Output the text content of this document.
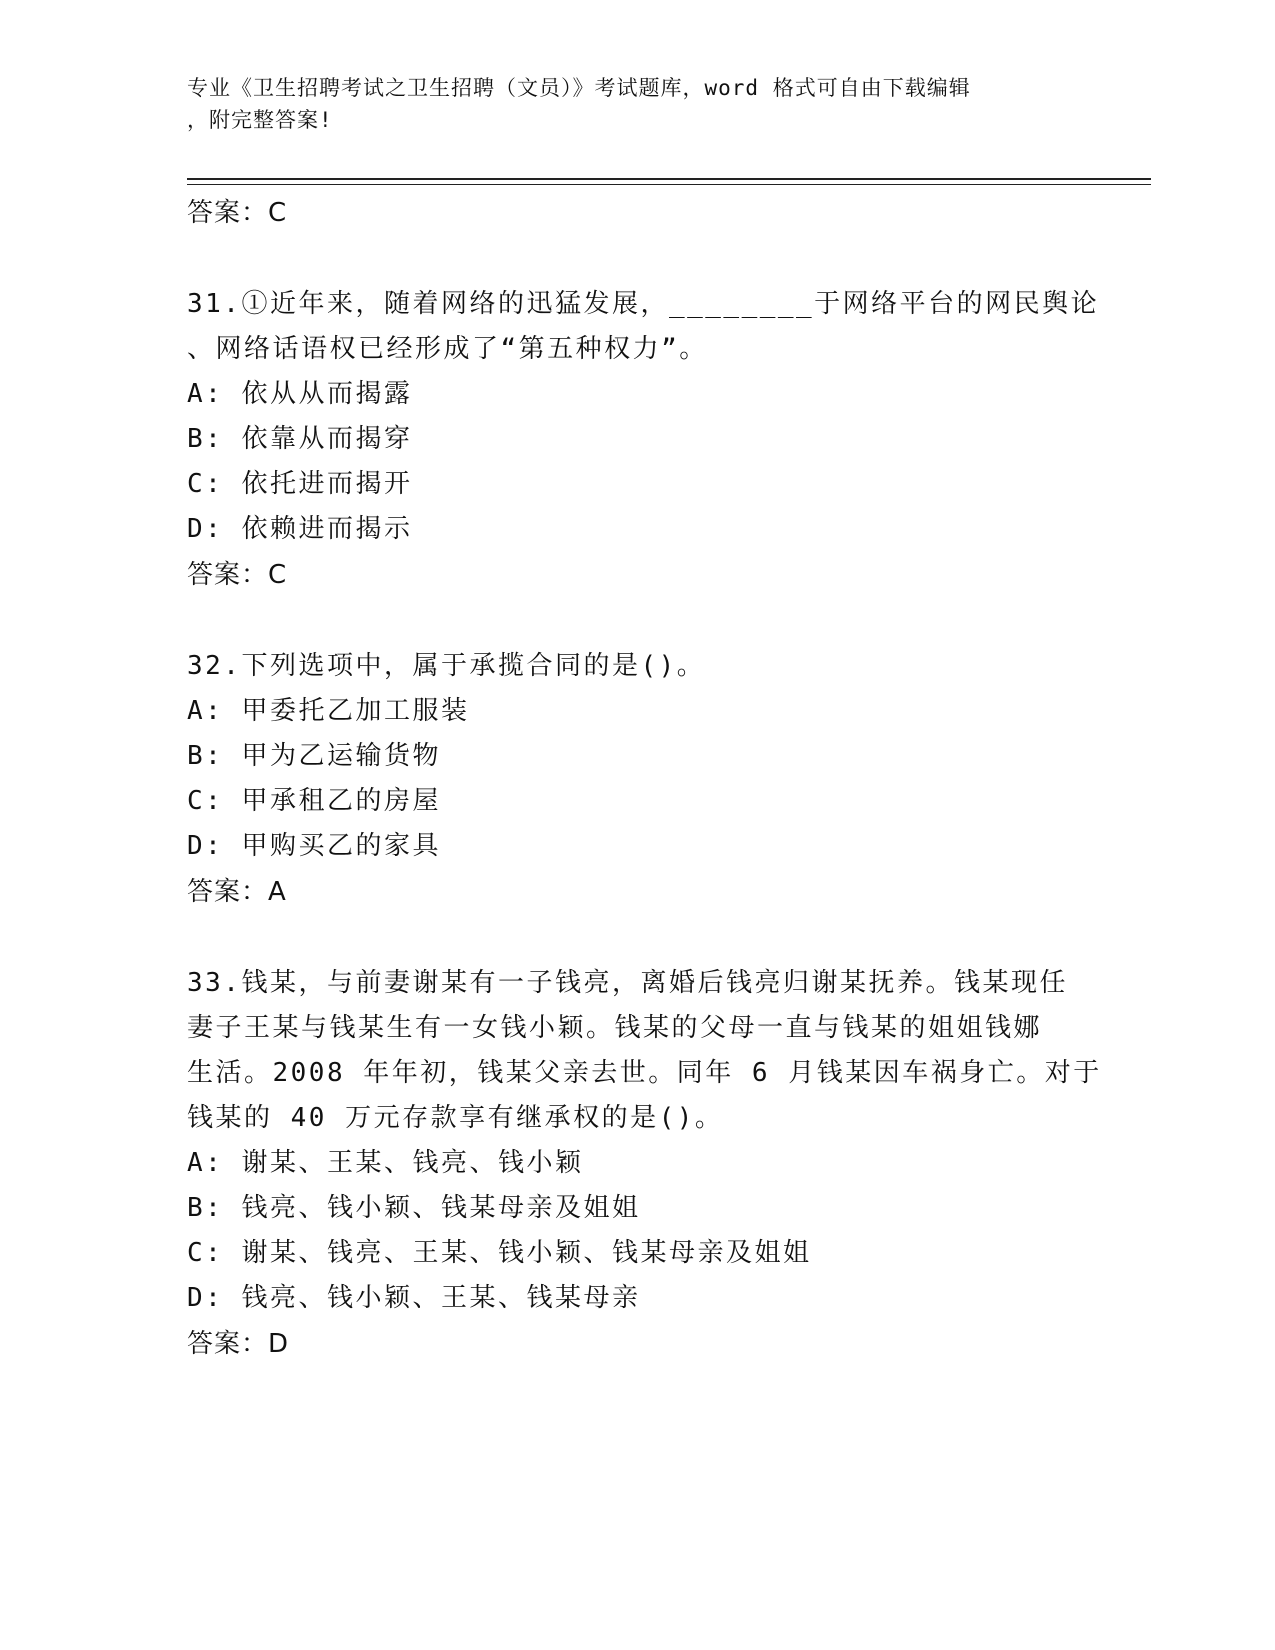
专业《卫生招聘考试之卫生招聘（文员）》考试题库，word 格式可自由下载编辑
，附完整答案!
答案：C
31.①近年来，随着网络的迅猛发展，________于网络平台的网民舆论
、网络话语权已经形成了“第五种权力”。
A: 依从从而揭露
B: 依靠从而揭穿
C: 依托进而揭开
D: 依赖进而揭示
答案：C
32.下列选项中，属于承揽合同的是()。
A: 甲委托乙加工服装
B: 甲为乙运输货物
C: 甲承租乙的房屋
D: 甲购买乙的家具
答案：A
33.钱某，与前妻谢某有一子钱亮，离婚后钱亮归谢某抚养。钱某现任
妻子王某与钱某生有一女钱小颖。钱某的父母一直与钱某的姐姐钱娜
生活。2008 年年初，钱某父亲去世。同年 6 月钱某因车祸身亡。对于
钱某的 40 万元存款享有继承权的是()。
A: 谢某、王某、钱亮、钱小颖
B: 钱亮、钱小颖、钱某母亲及姐姐
C: 谢某、钱亮、王某、钱小颖、钱某母亲及姐姐
D: 钱亮、钱小颖、王某、钱某母亲
答案：D
